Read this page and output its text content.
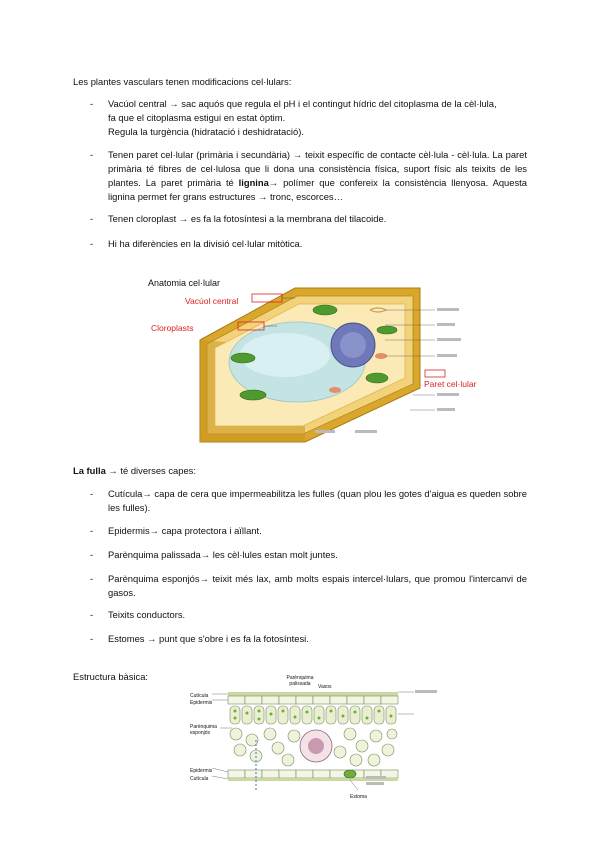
Les plantes vasculars tenen modificacions cel·lulars:
- Vacúol central → sac aquós que regula el pH i el contingut hídric del citoplasma de la cèl·lula,
fa que el citoplasma estigui en estat òptim.
Regula la turgència (hidratació i deshidratació).
- Tenen paret cel·lular (primària i secundària) → teixit específic de contacte cèl·lula - cèl·lula. La paret primària té fibres de cel·lulosa que li dona una consistència física, suport físic als teixits de les plantes. La paret primària té lignina→ polímer que confereix la consistència llenyosa. Aquesta lignina permet fer grans estructures → tronc, escorces…
- Tenen cloroplast → es fa la fotosíntesi a la membrana del tilacoide.
- Hi ha diferències en la divisió cel·lular mitòtica.
Anatomia cel·lular
Vacúol central
Cloroplasts
Paret cel·lular
La fulla → té diverses capes:
- Cutícula→ capa de cera que impermeabilitza les fulles (quan plou les gotes d'aigua es queden sobre les fulles).
- Epidermis→ capa protectora i aïllant.
- Parènquima palissada→ les cèl·lules estan molt juntes.
- Parènquima esponjós→ teixit més lax, amb molts espais intercel·lulars, que promou l'intercanvi de gasos.
- Teixits conductors.
- Estomes → punt que s'obre i es fa la fotosíntesi.
Estructura bàsica:
Cutícula
Epidermis
Parènquima palissada	Vasos
Parènquima esponjós
Epidermis
Cutícula
Estoma
